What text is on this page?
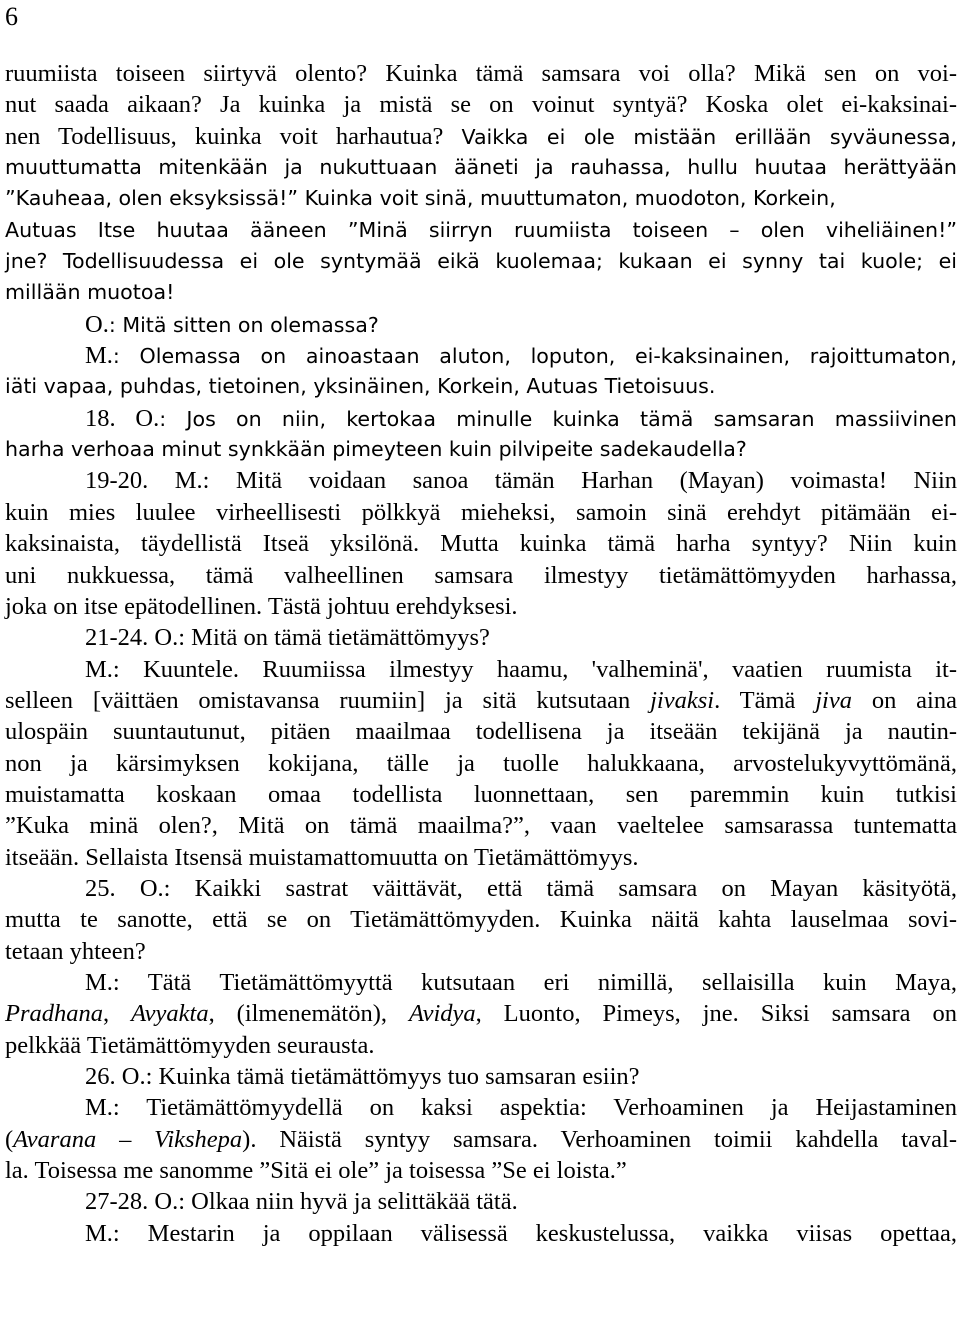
6
ruumiista toiseen siirtyvä olento? Kuinka tämä samsara voi olla? Mikä sen on voi-
nut saada aikaan? Ja kuinka ja mistä se on voinut syntyä? Koska olet ei-kaksinai-
nen Todellisuus, kuinka voit harhautua? Vaikka ei ole mistään erillään syväunessa,
muuttumatta mitenkään ja nukuttuaan ääneti ja rauhassa, hullu huutaa herättyään
”Kauheaa, olen eksyksissä!” Kuinka voit sinä, muuttumaton, muodoton, Korkein,
Autuas Itse huutaa ääneen ”Minä siirryn ruumiista toiseen – olen viheliäinen!”
jne? Todellisuudessa ei ole syntymää eikä kuolemaa; kukaan ei synny tai kuole; ei
millään muotoa!
O.: Mitä sitten on olemassa?
M.: Olemassa on ainoastaan aluton, loputon, ei-kaksinainen, rajoittumaton,
iäti vapaa, puhdas, tietoinen, yksinäinen, Korkein, Autuas Tietoisuus.
18. O.: Jos on niin, kertokaa minulle kuinka tämä samsaran massiivinen
harha verhoaa minut synkkään pimeyteen kuin pilvipeite sadekaudella?
19-20. M.: Mitä voidaan sanoa tämän Harhan (Mayan) voimasta! Niin
kuin mies luulee virheellisesti pölkkyä mieheksi, samoin sinä erehdyt pitämään ei-
kaksinaista, täydellistä Itseä yksilönä. Mutta kuinka tämä harha syntyy? Niin kuin
uni nukkuessa, tämä valheellinen samsara ilmestyy tietämättömyyden harhassa,
joka on itse epätodellinen. Tästä johtuu erehdyksesi.
21-24. O.: Mitä on tämä tietämättömyys?
M.: Kuuntele. Ruumiissa ilmestyy haamu, 'valheminä', vaatien ruumista it-
selleen [väittäen omistavansa ruumiin] ja sitä kutsutaan jivaksi. Tämä jiva on aina
ulospäin suuntautunut, pitäen maailmaa todellisena ja itseään tekijänä ja nautin-
non ja kärsimyksen kokijana, tälle ja tuolle halukkaana, arvostelukyvyttömänä,
muistamatta koskaan omaa todellista luonnettaan, sen paremmin kuin tutkisi
”Kuka minä olen?, Mitä on tämä maailma?”, vaan vaeltelee samsarassa tuntematta
itseään. Sellaista Itsensä muistamattomuutta on Tietämättömyys.
25. O.: Kaikki sastrat väittävät, että tämä samsara on Mayan käsityötä,
mutta te sanotte, että se on Tietämättömyyden. Kuinka näitä kahta lauselmaa sovi-
tetaan yhteen?
M.: Tätä Tietämättömyyttä kutsutaan eri nimillä, sellaisilla kuin Maya,
Pradhana, Avyakta, (ilmenemätön), Avidya, Luonto, Pimeys, jne. Siksi samsara on
pelkkää Tietämättömyyden seurausta.
26. O.: Kuinka tämä tietämättömyys tuo samsaran esiin?
M.: Tietämättömyydellä on kaksi aspektia: Verhoaminen ja Heijastaminen
(Avarana – Vikshepa). Näistä syntyy samsara. Verhoaminen toimii kahdella taval-
la. Toisessa me sanomme ”Sitä ei ole” ja toisessa ”Se ei loista.”
27-28. O.: Olkaa niin hyvä ja selittäkää tätä.
M.: Mestarin ja oppilaan välisessä keskustelussa, vaikka viisas opettaa,
